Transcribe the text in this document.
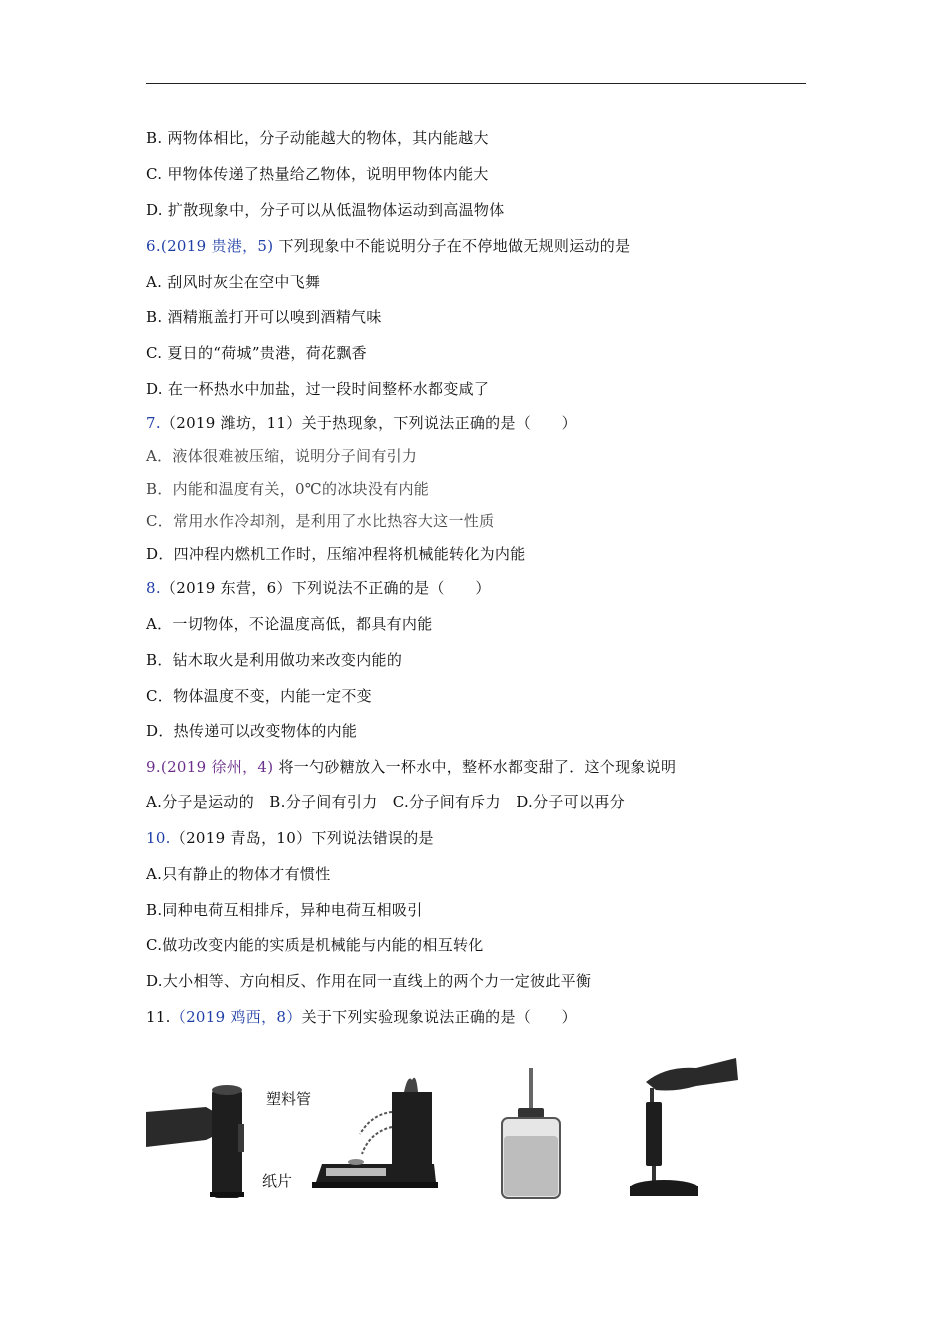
B. 两物体相比，分子动能越大的物体，其内能越大
C. 甲物体传递了热量给乙物体，说明甲物体内能大
D. 扩散现象中，分子可以从低温物体运动到高温物体
6.(2019 贵港，5) 下列现象中不能说明分子在不停地做无规则运动的是
A. 刮风时灰尘在空中飞舞
B. 酒精瓶盖打开可以嗅到酒精气味
C. 夏日的“荷城”贵港，荷花飘香
D. 在一杯热水中加盐，过一段时间整杯水都变咸了
7.（2019 潍坊，11）关于热现象，下列说法正确的是（　　）
A．液体很难被压缩，说明分子间有引力
B．内能和温度有关，0℃的冰块没有内能
C．常用水作冷却剂，是利用了水比热容大这一性质
D．四冲程内燃机工作时，压缩冲程将机械能转化为内能
8.（2019 东营，6）下列说法不正确的是（　　）
A．一切物体，不论温度高低，都具有内能
B．钻木取火是利用做功来改变内能的
C．物体温度不变，内能一定不变
D．热传递可以改变物体的内能
9.(2019 徐州，4) 将一勺砂糖放入一杯水中，整杯水都变甜了．这个现象说明
A.分子是运动的　B.分子间有引力　C.分子间有斥力　D.分子可以再分
10.（2019 青岛，10）下列说法错误的是
A.只有静止的物体才有惯性
B.同种电荷互相排斥，异种电荷互相吸引
C.做功改变内能的实质是机械能与内能的相互转化
D.大小相等、方向相反、作用在同一直线上的两个力一定彼此平衡
11.（2019 鸡西，8）关于下列实验现象说法正确的是（　　）
塑料管
纸片
